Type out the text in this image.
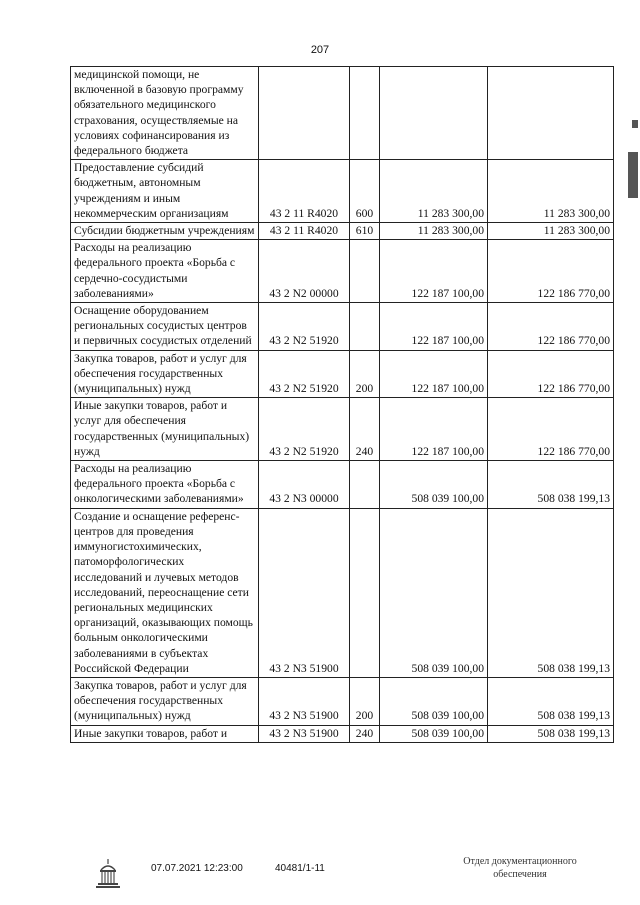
207
медицинской помощи, не включенной в базовую программу обязательного медицинского страхования, осуществляемые на условиях софинансирования из федерального бюджета				
Предоставление субсидий бюджетным, автономным учреждениям и иным некоммерческим организациям	43 2 11 R4020	600	11 283 300,00	11 283 300,00
Субсидии бюджетным учреждениям	43 2 11 R4020	610	11 283 300,00	11 283 300,00
Расходы на реализацию федерального проекта «Борьба с сердечно-сосудистыми заболеваниями»	43 2 N2 00000		122 187 100,00	122 186 770,00
Оснащение оборудованием региональных сосудистых центров и первичных сосудистых отделений	43 2 N2 51920		122 187 100,00	122 186 770,00
Закупка товаров, работ и услуг для обеспечения государственных (муниципальных) нужд	43 2 N2 51920	200	122 187 100,00	122 186 770,00
Иные закупки товаров, работ и услуг для обеспечения государственных (муниципальных) нужд	43 2 N2 51920	240	122 187 100,00	122 186 770,00
Расходы на реализацию федерального проекта «Борьба с онкологическими заболеваниями»	43 2 N3 00000		508 039 100,00	508 038 199,13
Создание и оснащение референс-центров для проведения иммуногистохимических, патоморфологических исследований и лучевых методов исследований, переоснащение сети региональных медицинских организаций, оказывающих помощь больным онкологическими заболеваниями в субъектах Российской Федерации	43 2 N3 51900		508 039 100,00	508 038 199,13
Закупка товаров, работ и услуг для обеспечения государственных (муниципальных) нужд	43 2 N3 51900	200	508 039 100,00	508 038 199,13
Иные закупки товаров, работ и	43 2 N3 51900	240	508 039 100,00	508 038 199,13
07.07.2021 12:23:00	40481/1-11
Отдел документационного
обеспечения
